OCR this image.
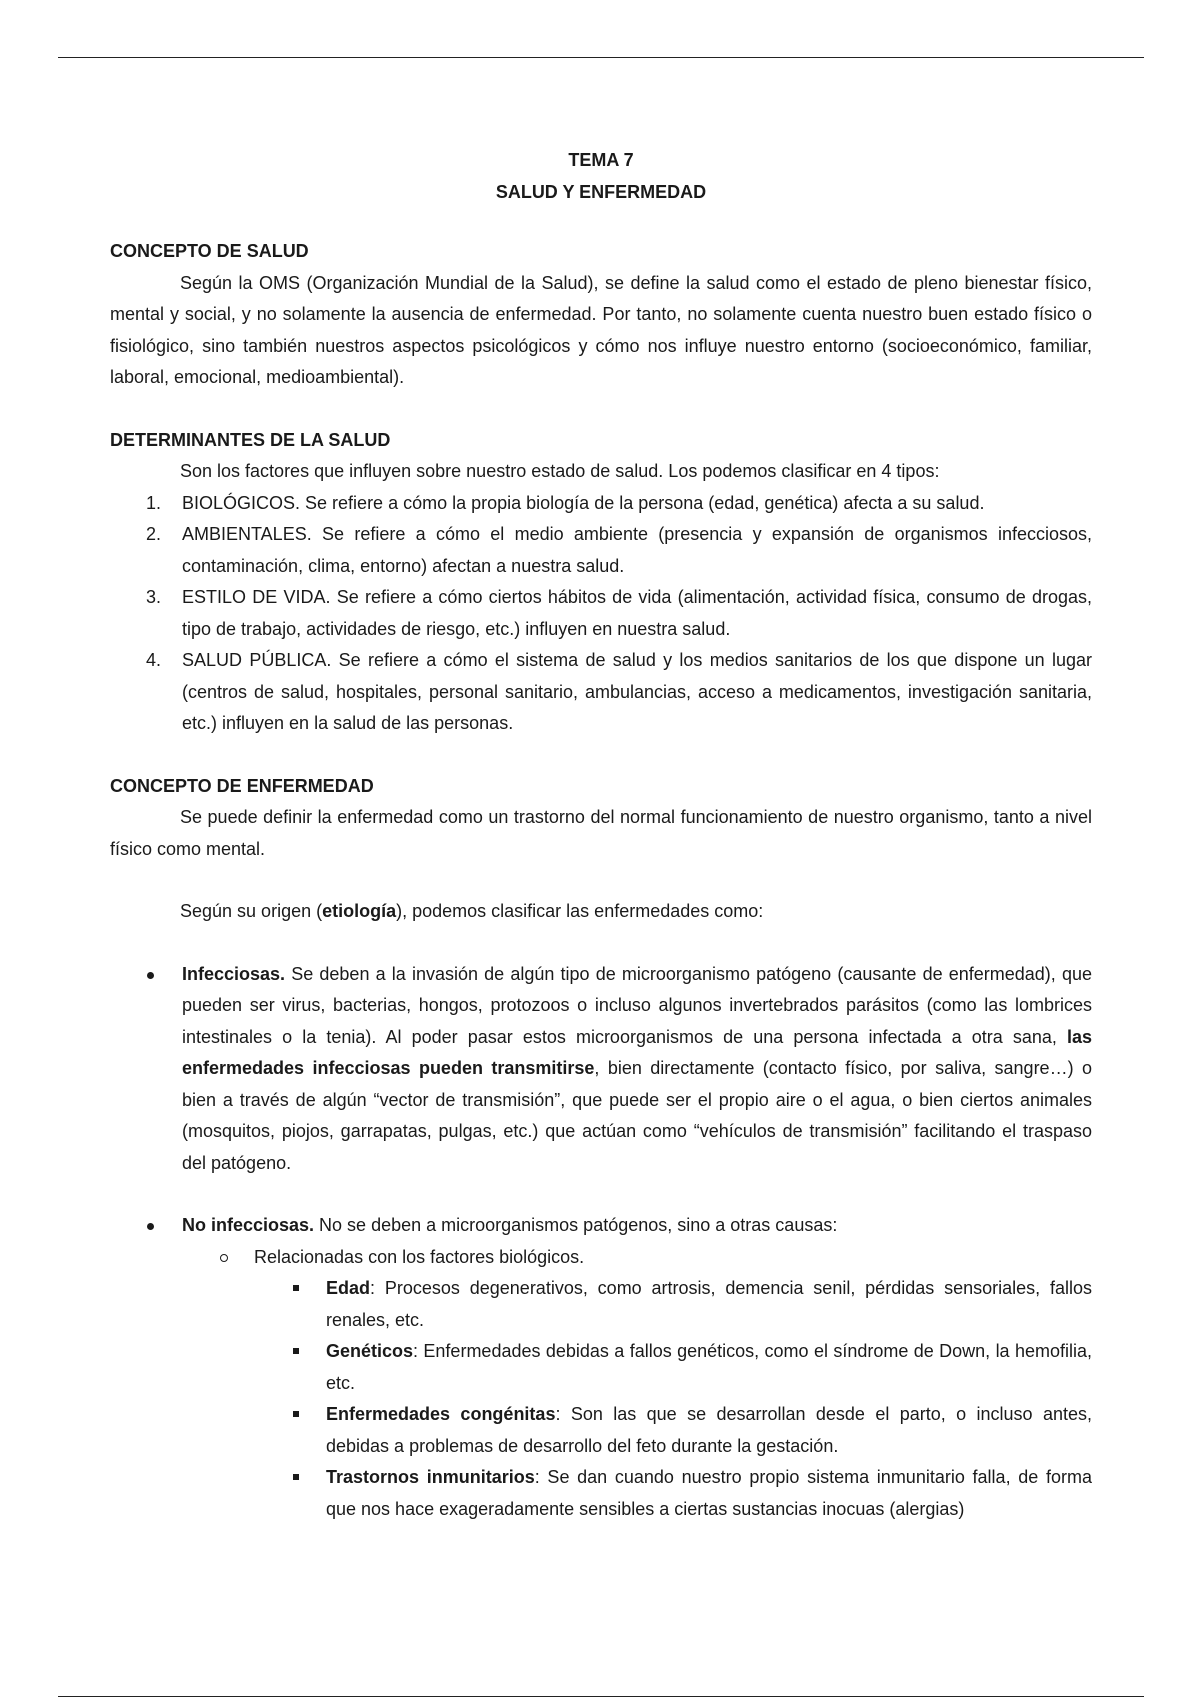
TEMA 7

SALUD Y ENFERMEDAD

CONCEPTO DE SALUD

Según la OMS (Organización Mundial de la Salud), se define la salud como el estado de pleno bienestar físico, mental y social, y no solamente la ausencia de enfermedad. Por tanto, no solamente cuenta nuestro buen estado físico o fisiológico, sino también nuestros aspectos psicológicos y cómo nos influye nuestro entorno (socioeconómico, familiar, laboral, emocional, medioambiental).

DETERMINANTES DE LA SALUD

Son los factores que influyen sobre nuestro estado de salud. Los podemos clasificar en 4 tipos:

1. BIOLÓGICOS. Se refiere a cómo la propia biología de la persona (edad, genética) afecta a su salud.
2. AMBIENTALES. Se refiere a cómo el medio ambiente (presencia y expansión de organismos infecciosos, contaminación, clima, entorno) afectan a nuestra salud.
3. ESTILO DE VIDA. Se refiere a cómo ciertos hábitos de vida (alimentación, actividad física, consumo de drogas, tipo de trabajo, actividades de riesgo, etc.) influyen en nuestra salud.
4. SALUD PÚBLICA. Se refiere a cómo el sistema de salud y los medios sanitarios de los que dispone un lugar (centros de salud, hospitales, personal sanitario, ambulancias, acceso a medicamentos, investigación sanitaria, etc.) influyen en la salud de las personas.

CONCEPTO DE ENFERMEDAD

Se puede definir la enfermedad como un trastorno del normal funcionamiento de nuestro organismo, tanto a nivel físico como mental.

Según su origen (etiología), podemos clasificar las enfermedades como:

Infecciosas. Se deben a la invasión de algún tipo de microorganismo patógeno (causante de enfermedad), que pueden ser virus, bacterias, hongos, protozoos o incluso algunos invertebrados parásitos (como las lombrices intestinales o la tenia). Al poder pasar estos microorganismos de una persona infectada a otra sana, las enfermedades infecciosas pueden transmitirse, bien directamente (contacto físico, por saliva, sangre…) o bien a través de algún “vector de transmisión”, que puede ser el propio aire o el agua, o bien ciertos animales (mosquitos, piojos, garrapatas, pulgas, etc.) que actúan como “vehículos de transmisión” facilitando el traspaso del patógeno.
No infecciosas. No se deben a microorganismos patógenos, sino a otras causas:
Relacionadas con los factores biológicos.
Edad: Procesos degenerativos, como artrosis, demencia senil, pérdidas sensoriales, fallos renales, etc.
Genéticos: Enfermedades debidas a fallos genéticos, como el síndrome de Down, la hemofilia, etc.
Enfermedades congénitas: Son las que se desarrollan desde el parto, o incluso antes, debidas a problemas de desarrollo del feto durante la gestación.
Trastornos inmunitarios: Se dan cuando nuestro propio sistema inmunitario falla, de forma que nos hace exageradamente sensibles a ciertas sustancias inocuas (alergias)
